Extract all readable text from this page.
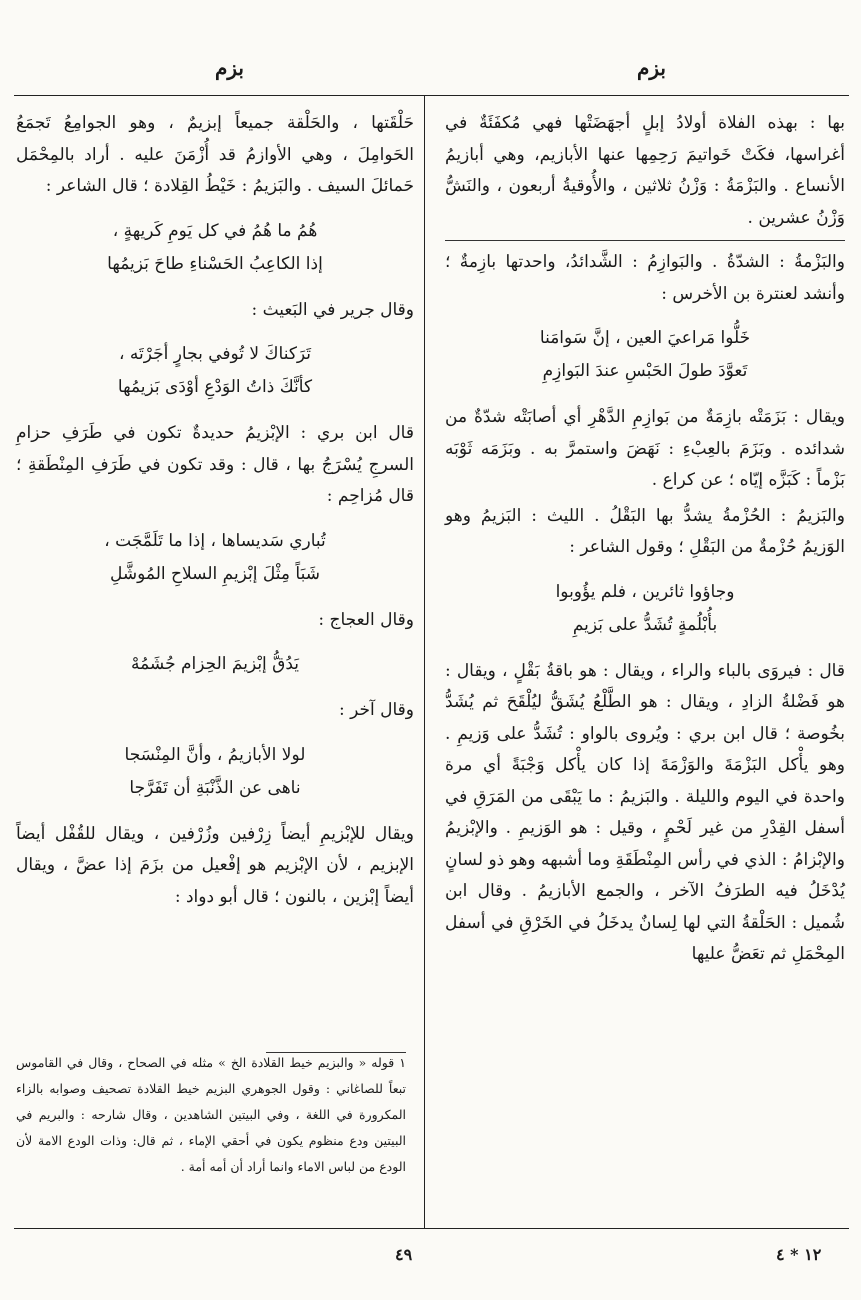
بزم
بزم

بها : بهذه الفلاة أولادُ إبلٍ أجهَضَتْها فهي مُكفَئَةٌ في أغراسها، فكَتْ خَواتيمَ رَحِمِها عنها الأبازيم، وهي أبازيمُ الأنساع . والبَزْمَةُ : وَزْنُ ثلاثين ، والأُوقيةُ أربعون ، والنَشُّ وَزْنُ عشرين .

والبَزْمةُ : الشدّةُ . والبَوازِمُ : الشَّدائدُ، واحدتها بازِمةٌ ؛ وأنشد لعنترة بن الأخرس :

خَلُّوا مَراعيَ العين ، إنَّ سَوامَنا
تَعوَّدَ طولَ الحَبْسِ عندَ البَوازِمِ

ويقال : بَزَمَتْه بازِمَةٌ من بَوازِمِ الدَّهْرِ أي أصابَتْه شدّةٌ من شدائده . وبَزَمَ بالعِبْءِ : نَهَضَ واستمرَّ به . وبَزَمَه ثَوْبَه بَزْماً : كَبَزَّه إيّاه ؛ عن كراع .

والبَزيمُ : الحُزْمةُ يشدُّ بها البَقْلُ . الليث : البَزيمُ وهو الوَزيمُ حُزْمةٌ من البَقْلِ ؛ وقول الشاعر :

وجاؤوا ثائرين ، فلم يؤُوبوا
بأُبْلُمةٍ تُشَدُّ على بَزيمِ

قال : فيروَى بالباء والراء ، ويقال : هو باقةُ بَقْلٍ ، ويقال : هو فَضْلةُ الزادِ ، ويقال : هو الطَّلْعُ يُشَقُّ ليُلْقَحَ ثم يُشَدُّ بخُوصة ؛ قال ابن بري : ويُروى بالواو : تُشَدُّ على وَزيمِ . وهو يأْكل البَزْمَةَ والوَزْمَةَ إذا كان يأْكل وَجْبَةً أي مرة واحدة في اليوم والليلة . والبَزيمُ : ما يَبْقَى من المَرَقِ في أسفل القِدْرِ من غير لَحْمٍ ، وقيل : هو الوَزيمِ . والإبْزيمُ والإبْزامُ : الذي في رأس المِنْطَقَةِ وما أشبهه وهو ذو لسانٍ يُدْخَلُ فيه الطرَفُ الآخر ، والجمع الأبازيمُ . وقال ابن شُميل : الحَلْقةُ التي لها لِسانٌ يدخَلُ في الخَرْقِ في أسفل المِحْمَلِ ثم تعَضُّ عليها

حَلْقَتها ، والحَلْقة جميعاً إبزيمٌ ، وهو الجوامِعُ تَجمَعُ الحَوامِلَ ، وهي الأوازمُ قد أُزْمَنَ عليه . أراد بالمِحْمَل حَمائلَ السيف . والبَزيمُ : خَيْطُ القِلادة ؛ قال الشاعر :

هُمُ ما هُمُ في كل يَومِ كَريهةٍ ،
إذا الكاعِبُ الحَسْناءِ طاحَ بَزيمُها

وقال جرير في البَعيث :

تَرَكناكَ لا تُوفي بجارٍ أجَرْتَه ،
كأنَّكَ ذاتُ الوَدْعِ أوْدَى بَزيمُها

قال ابن بري : الإبْزيمُ حديدةٌ تكون في طَرَفِ حزامِ السرجِ يُسْرَجُ بها ، قال : وقد تكون في طَرَفِ المِنْطَقةِ ؛ قال مُزاحِم :

تُباري سَديساها ، إذا ما تَلَمَّجَت ،
شَبَاً مِثْلَ إبْزيمِ السلاحِ المُوشَّلِ

وقال العجاج :

يَدُقُّ إبْزيمَ الحِزام جُشَمُهْ

وقال آخر :

لولا الأبازيمُ ، وأنَّ المِنْسَجا
ناهى عن الذَّنْبَةِ أن تَفَرَّجا

ويقال للإبْزيمِ أيضاً زِرْفين وزُرْفين ، ويقال للقُفْل أيضاً الإبزيم ، لأن الإبْزيم هو إفْعيل من بزَمَ إذا عضَّ ، ويقال أيضاً إبْزين ، بالنون ؛ قال أبو دواد :

١ قوله « والبزيم خيط القلادة الخ » مثله في الصحاح ، وقال في القاموس تبعاً للصاغاني : وقول الجوهري البزيم خيط القلادة تصحيف وصوابه بالزاء المكرورة في اللغة ، وفي البيتين الشاهدين ، وقال شارحه : والبريم في البيتين ودع منظوم يكون في أحقي الإماء ، ثم قال: وذات الودع الامة لأن الودع من لباس الاماء وانما أراد أن أمه أمة .
٤٩	١٢ * ٤
